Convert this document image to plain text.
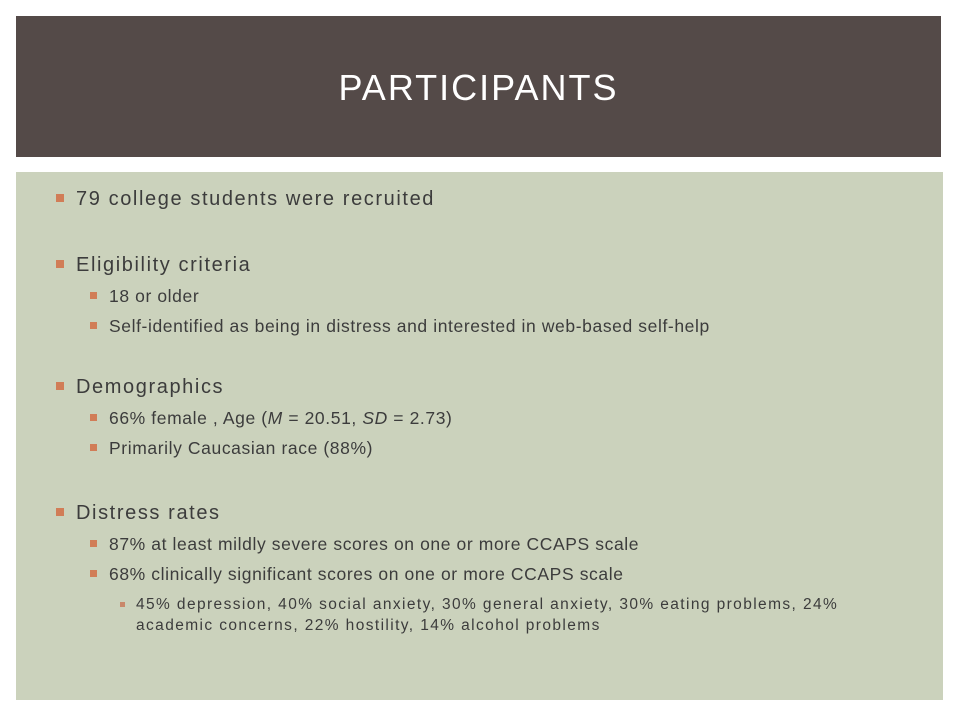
PARTICIPANTS
79 college students were recruited
Eligibility criteria
18 or older
Self-identified as being in distress and interested in web-based self-help
Demographics
66% female , Age (M = 20.51, SD = 2.73)
Primarily Caucasian race (88%)
Distress rates
87% at least mildly severe scores on one or more CCAPS scale
68% clinically significant scores on one or more CCAPS scale
45% depression, 40% social anxiety, 30% general anxiety, 30% eating problems, 24% academic concerns, 22% hostility, 14% alcohol problems
